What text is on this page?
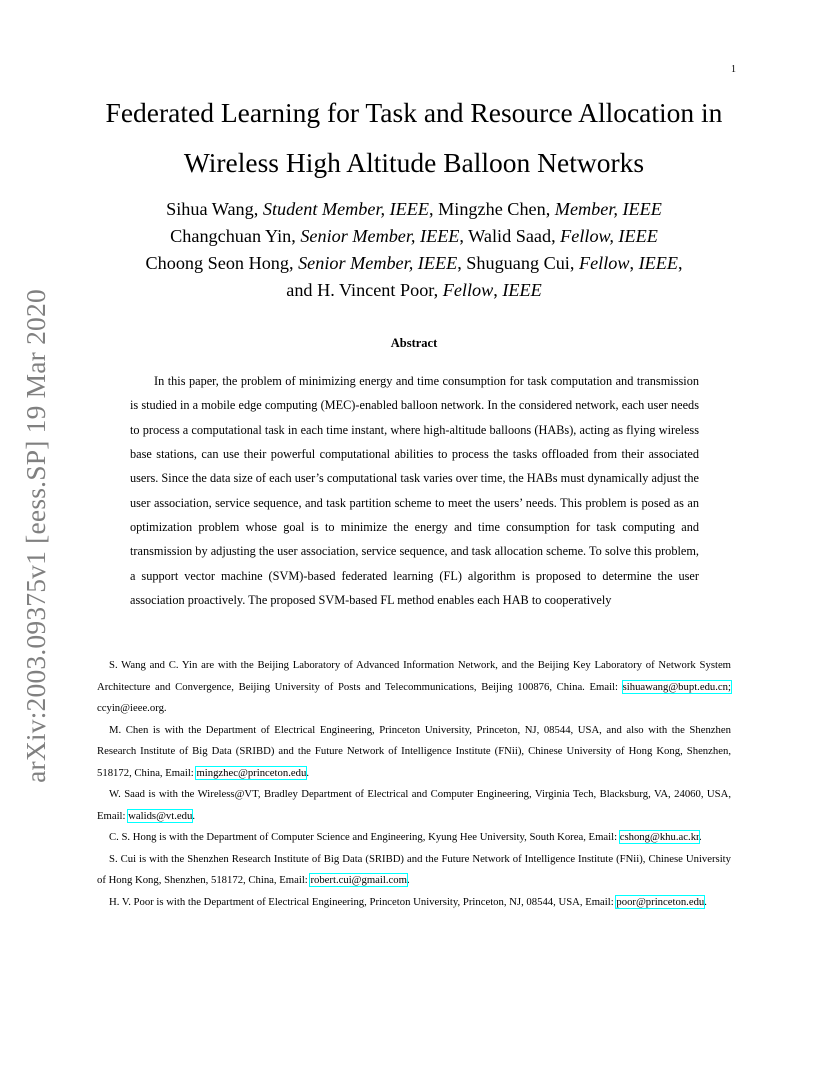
1
arXiv:2003.09375v1 [eess.SP] 19 Mar 2020
Federated Learning for Task and Resource Allocation in
Wireless High Altitude Balloon Networks
Sihua Wang, Student Member, IEEE, Mingzhe Chen, Member, IEEE
Changchuan Yin, Senior Member, IEEE, Walid Saad, Fellow, IEEE
Choong Seon Hong, Senior Member, IEEE, Shuguang Cui, Fellow, IEEE,
and H. Vincent Poor, Fellow, IEEE
Abstract
In this paper, the problem of minimizing energy and time consumption for task computation and transmission is studied in a mobile edge computing (MEC)-enabled balloon network. In the considered network, each user needs to process a computational task in each time instant, where high-altitude balloons (HABs), acting as flying wireless base stations, can use their powerful computational abilities to process the tasks offloaded from their associated users. Since the data size of each user’s computational task varies over time, the HABs must dynamically adjust the user association, service sequence, and task partition scheme to meet the users’ needs. This problem is posed as an optimization problem whose goal is to minimize the energy and time consumption for task computing and transmission by adjusting the user association, service sequence, and task allocation scheme. To solve this problem, a support vector machine (SVM)-based federated learning (FL) algorithm is proposed to determine the user association proactively. The proposed SVM-based FL method enables each HAB to cooperatively

S. Wang and C. Yin are with the Beijing Laboratory of Advanced Information Network, and the Beijing Key Laboratory of Network System Architecture and Convergence, Beijing University of Posts and Telecommunications, Beijing 100876, China. Email: sihuawang@bupt.edu.cn; ccyin@ieee.org.

M. Chen is with the Department of Electrical Engineering, Princeton University, Princeton, NJ, 08544, USA, and also with the Shenzhen Research Institute of Big Data (SRIBD) and the Future Network of Intelligence Institute (FNii), Chinese University of Hong Kong, Shenzhen, 518172, China, Email: mingzhec@princeton.edu.

W. Saad is with the Wireless@VT, Bradley Department of Electrical and Computer Engineering, Virginia Tech, Blacksburg, VA, 24060, USA, Email: walids@vt.edu.

C. S. Hong is with the Department of Computer Science and Engineering, Kyung Hee University, South Korea, Email: cshong@khu.ac.kr.

S. Cui is with the Shenzhen Research Institute of Big Data (SRIBD) and the Future Network of Intelligence Institute (FNii), Chinese University of Hong Kong, Shenzhen, 518172, China, Email: robert.cui@gmail.com.

H. V. Poor is with the Department of Electrical Engineering, Princeton University, Princeton, NJ, 08544, USA, Email: poor@princeton.edu.
